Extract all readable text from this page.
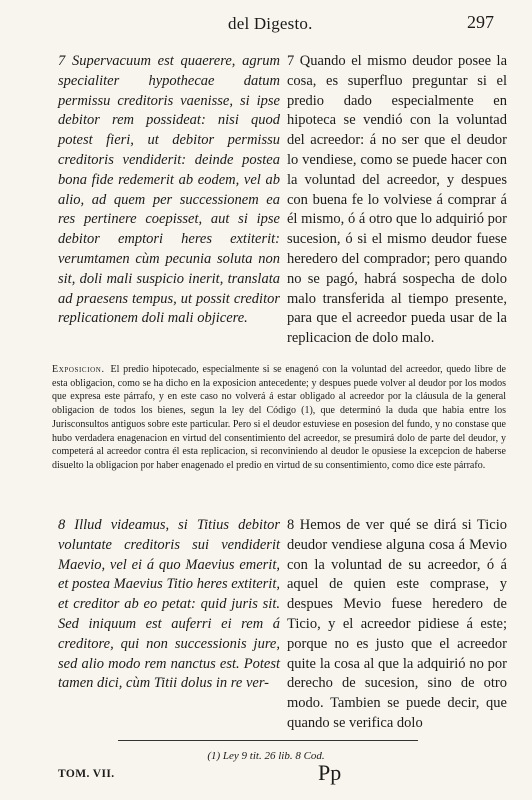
del Digesto.	297
7 Supervacuum est quaerere, agrum specialiter hypothecae datum permissu creditoris vaenisse, si ipse debitor rem possideat: nisi quod potest fieri, ut debitor permissu creditoris vendiderit: deinde postea bona fide redemerit ab eodem, vel ab alio, ad quem per successionem ea res pertinere coepisset, aut si ipse debitor emptori heres extiterit: verumtamen cùm pecunia soluta non sit, doli mali suspicio inerit, translata ad praesens tempus, ut possit creditor replicationem doli mali objicere.
7 Quando el mismo deudor posee la cosa, es superfluo preguntar si el predio dado especialmente en hipoteca se vendió con la voluntad del acreedor: á no ser que el deudor lo vendiese, como se puede hacer con la voluntad del acreedor, y despues con buena fe lo volviese á comprar á él mismo, ó á otro que lo adquirió por sucesion, ó si el mismo deudor fuese heredero del comprador; pero quando no se pagó, habrá sospecha de dolo malo transferida al tiempo presente, para que el acreedor pueda usar de la replicacion de dolo malo.
Exposicion. El predio hipotecado, especialmente si se enagenó con la voluntad del acreedor, quedo libre de esta obligacion, como se ha dicho en la exposicion antecedente; y despues puede volver al deudor por los modos que expresa este párrafo, y en este caso no volverá á estar obligado al acreedor por la cláusula de la general obligacion de todos los bienes, segun la ley del Código (1), que determinó la duda que habia entre los Jurisconsultos antiguos sobre este particular. Pero si el deudor estuviese en posesion del fundo, y no constase que hubo verdadera enagenacion en virtud del consentimiento del acreedor, se presumirá dolo de parte del deudor, y competerá al acreedor contra él esta replicacion, si reconviniendo al deudor le opusiese la excepcion de haberse disuelto la obligacion por haber enagenado el predio en virtud de su consentimiento, como dice este párrafo.
8 Illud videamus, si Titius debitor voluntate creditoris sui vendiderit Maevio, vel ei á quo Maevius emerit, et postea Maevius Titio heres extiterit, et creditor ab eo petat: quid juris sit. Sed iniquum est auferri ei rem á creditore, qui non successionis jure, sed alio modo rem nanctus est. Potest tamen dici, cùm Titii dolus in re ver-
8 Hemos de ver qué se dirá si Ticio deudor vendiese alguna cosa á Mevio con la voluntad de su acreedor, ó á aquel de quien este comprase, y despues Mevio fuese heredero de Ticio, y el acreedor pidiese á este; porque no es justo que el acreedor quite la cosa al que la adquirió no por derecho de sucesion, sino de otro modo. Tambien se puede decir, que quando se verifica dolo
(1) Ley 9 tit. 26 lib. 8 Cod.
TOM. VII.	Pp
